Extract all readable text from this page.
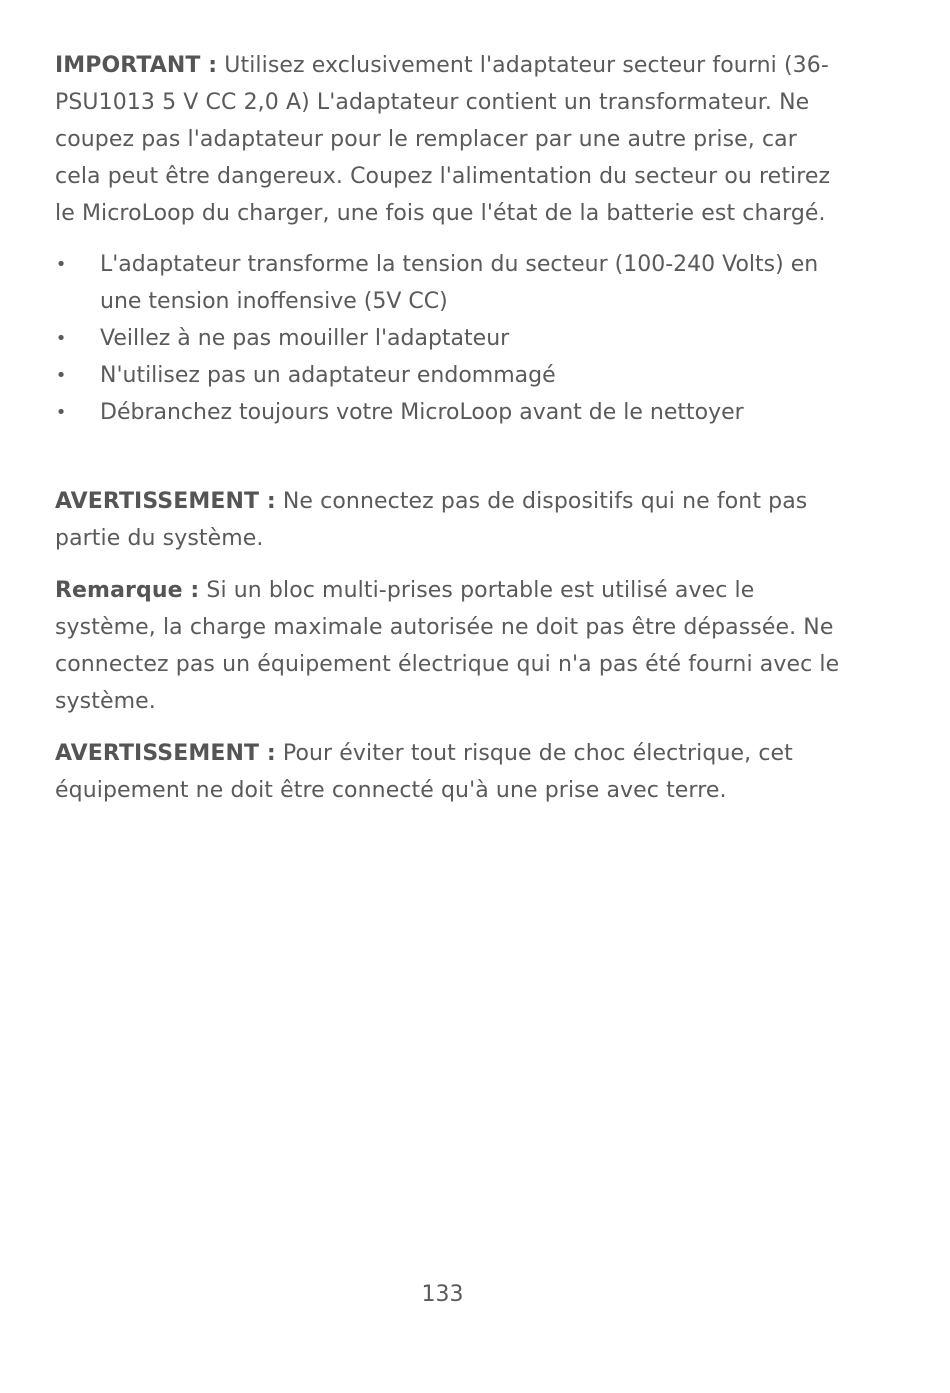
IMPORTANT : Utilisez exclusivement l'adaptateur secteur fourni (36-PSU1013 5 V CC 2,0 A) L'adaptateur contient un transformateur. Ne coupez pas l'adaptateur pour le remplacer par une autre prise, car cela peut être dangereux. Coupez l'alimentation du secteur ou retirez le MicroLoop du charger, une fois que l'état de la batterie est chargé.

• L'adaptateur transforme la tension du secteur (100-240 Volts) en une tension inoffensive (5V CC)
• Veillez à ne pas mouiller l'adaptateur
• N'utilisez pas un adaptateur endommagé
• Débranchez toujours votre MicroLoop avant de le nettoyer

AVERTISSEMENT : Ne connectez pas de dispositifs qui ne font pas partie du système.

Remarque : Si un bloc multi-prises portable est utilisé avec le système, la charge maximale autorisée ne doit pas être dépassée. Ne connectez pas un équipement électrique qui n'a pas été fourni avec le système.

AVERTISSEMENT : Pour éviter tout risque de choc électrique, cet équipement ne doit être connecté qu'à une prise avec terre.

133
